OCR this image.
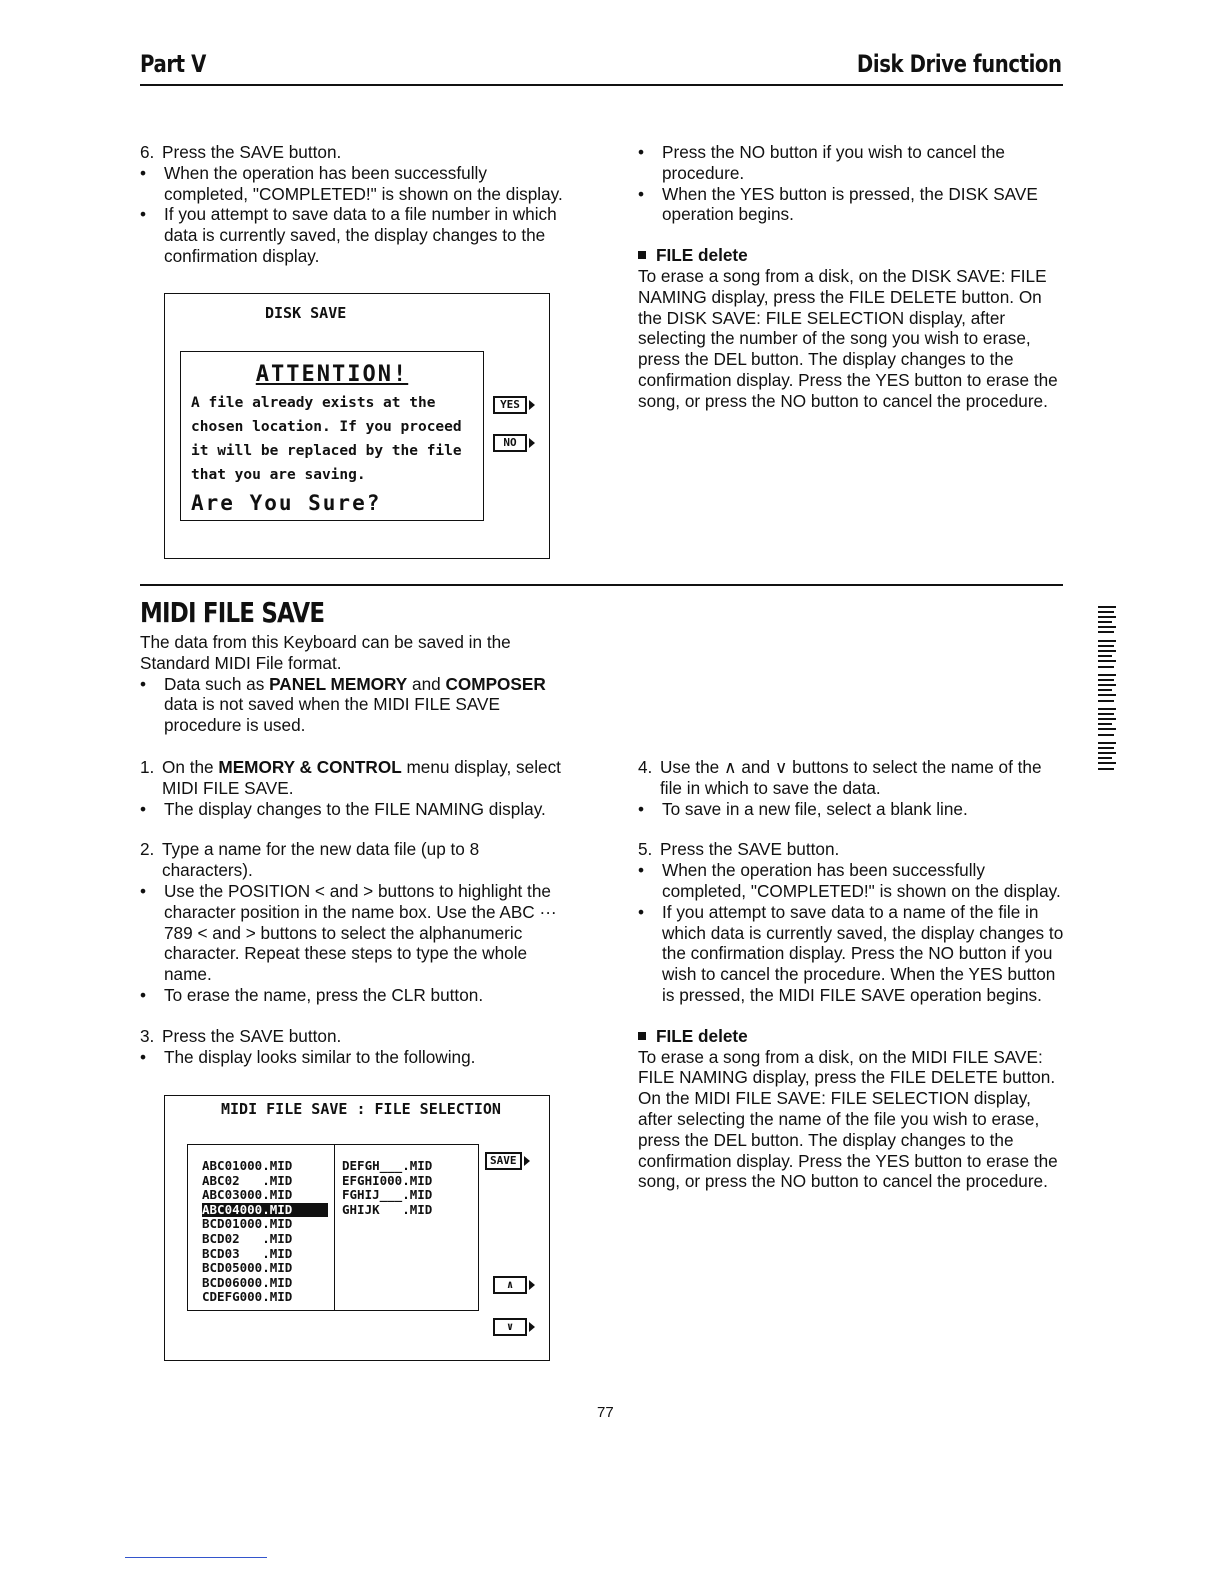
Part V	Disk Drive function
6. Press the SAVE button.
•	When the operation has been successfully completed, "COMPLETED!" is shown on the display.
•	If you attempt to save data to a file number in which data is currently saved, the display changes to the confirmation display.
DISK SAVE
ATTENTION!
A file already exists at the
chosen location. If you proceed
it will be replaced by the file
that you are saving.
Are You Sure?
YES
NO
•	Press the NO button if you wish to cancel the procedure.
•	When the YES button is pressed, the DISK SAVE operation begins.

FILE delete

To erase a song from a disk, on the DISK SAVE: FILE NAMING display, press the FILE DELETE button. On the DISK SAVE: FILE SELECTION display, after selecting the number of the song you wish to erase, press the DEL button. The display changes to the confirmation display. Press the YES button to erase the song, or press the NO button to cancel the procedure.

MIDI FILE SAVE

The data from this Keyboard can be saved in the Standard MIDI File format.

•	Data such as PANEL MEMORY and COMPOSER data is not saved when the MIDI FILE SAVE procedure is used.
1. On the MEMORY & CONTROL menu display, select MIDI FILE SAVE.
•	The display changes to the FILE NAMING display.
2. Type a name for the new data file (up to 8 characters).
•	Use the POSITION < and > buttons to highlight the character position in the name box. Use the ABC ··· 789 < and > buttons to select the alphanumeric character. Repeat these steps to type the whole name.
•	To erase the name, press the CLR button.
3. Press the SAVE button.
•	The display looks similar to the following.
MIDI FILE SAVE : FILE SELECTION
ABC01000.MID
ABC02   .MID
ABC03000.MID
ABC04000.MID
BCD01000.MID
BCD02   .MID
BCD03   .MID
BCD05000.MID
BCD06000.MID
CDEFG000.MID
DEFGH___.MID
EFGHI000.MID
FGHIJ___.MID
GHIJK   .MID
SAVE
∧
∨
4. Use the ∧ and ∨ buttons to select the name of the file in which to save the data.
•	To save in a new file, select a blank line.
5. Press the SAVE button.
•	When the operation has been successfully completed, "COMPLETED!" is shown on the display.
•	If you attempt to save data to a name of the file in which data is currently saved, the display changes to the confirmation display. Press the NO button if you wish to cancel the procedure. When the YES button is pressed, the MIDI FILE SAVE operation begins.

FILE delete

To erase a song from a disk, on the MIDI FILE SAVE: FILE NAMING display, press the FILE DELETE button. On the MIDI FILE SAVE: FILE SELECTION display, after selecting the name of the file you wish to erase, press the DEL button. The display changes to the confirmation display. Press the YES button to erase the song, or press the NO button to cancel the procedure.

77
